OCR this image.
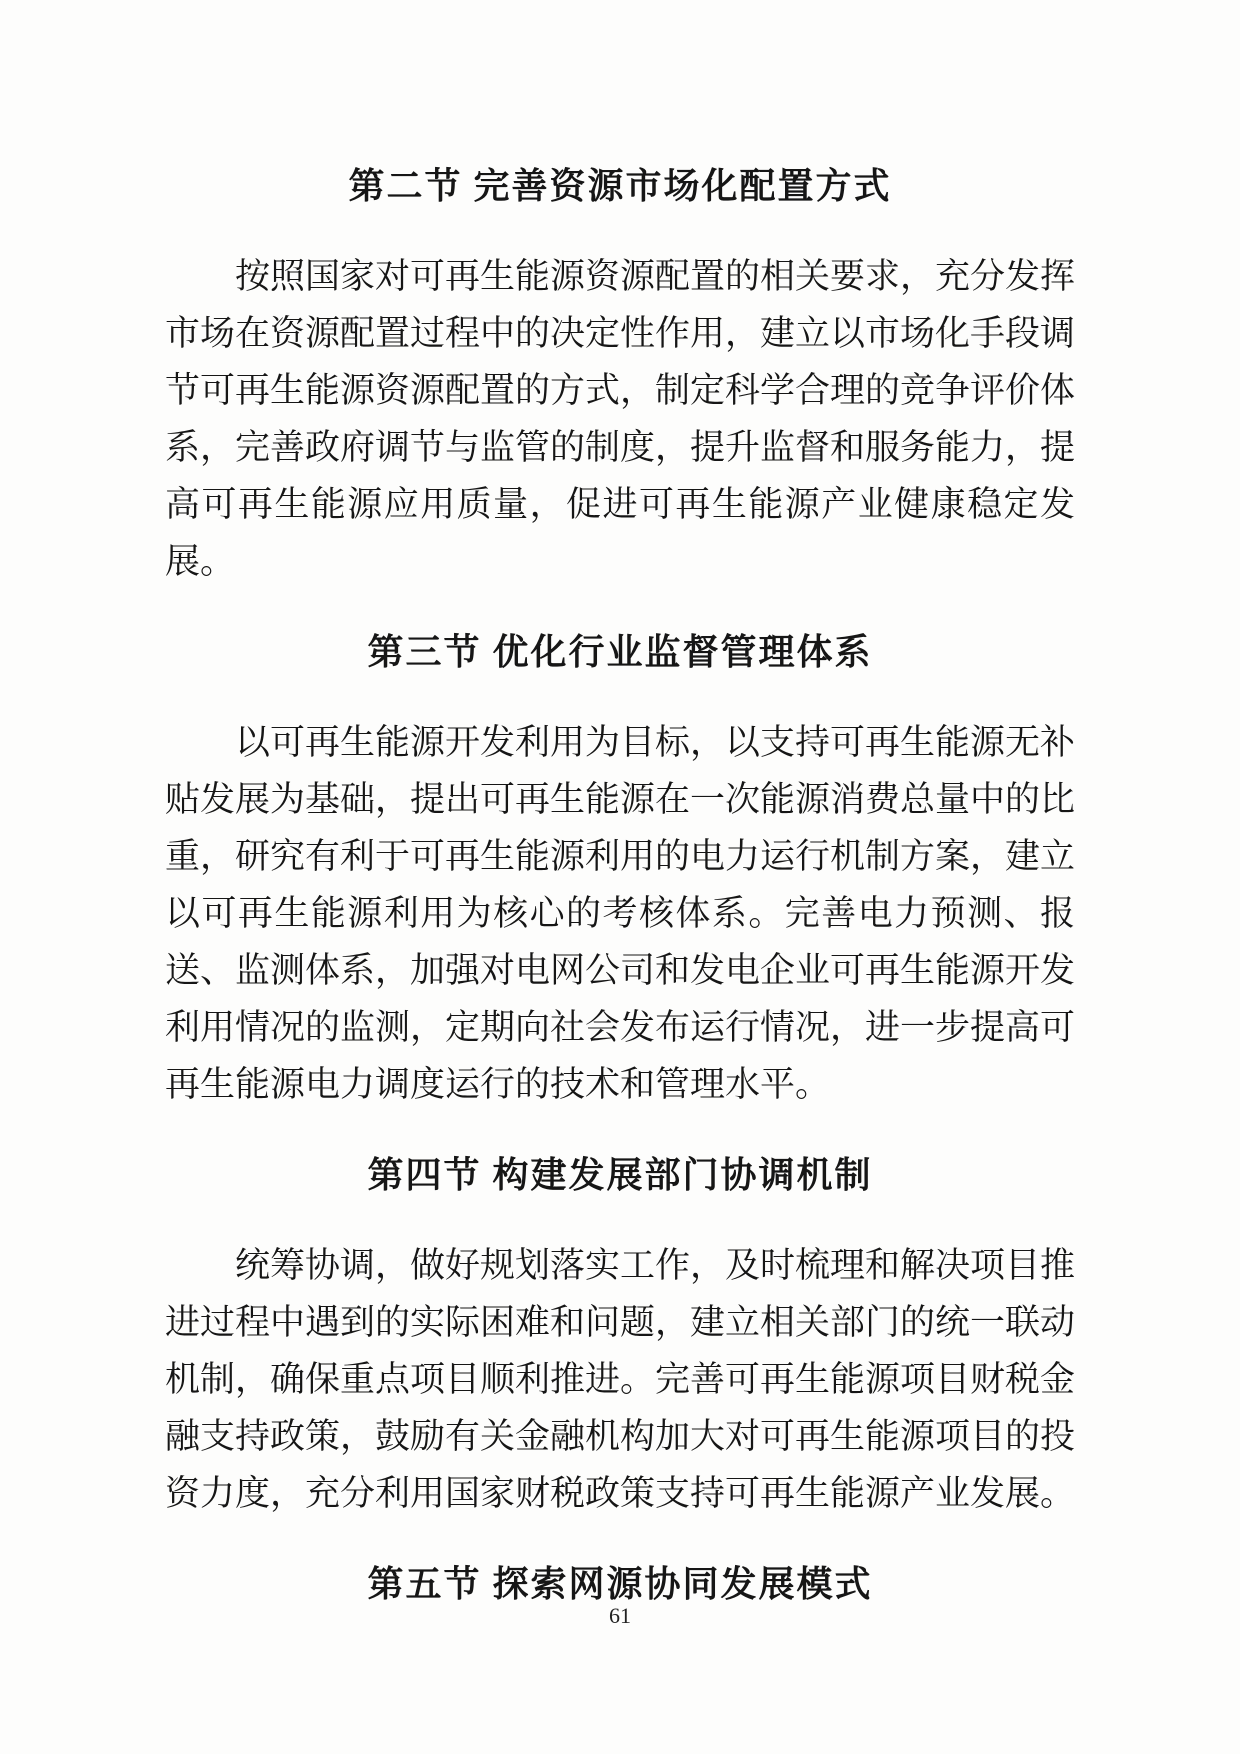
第二节 完善资源市场化配置方式

按照国家对可再生能源资源配置的相关要求，充分发挥市场在资源配置过程中的决定性作用，建立以市场化手段调节可再生能源资源配置的方式，制定科学合理的竞争评价体系，完善政府调节与监管的制度，提升监督和服务能力，提高可再生能源应用质量，促进可再生能源产业健康稳定发展。

第三节 优化行业监督管理体系

以可再生能源开发利用为目标，以支持可再生能源无补贴发展为基础，提出可再生能源在一次能源消费总量中的比重，研究有利于可再生能源利用的电力运行机制方案，建立以可再生能源利用为核心的考核体系。完善电力预测、报送、监测体系，加强对电网公司和发电企业可再生能源开发利用情况的监测，定期向社会发布运行情况，进一步提高可再生能源电力调度运行的技术和管理水平。

第四节 构建发展部门协调机制

统筹协调，做好规划落实工作，及时梳理和解决项目推进过程中遇到的实际困难和问题，建立相关部门的统一联动机制，确保重点项目顺利推进。完善可再生能源项目财税金融支持政策，鼓励有关金融机构加大对可再生能源项目的投资力度，充分利用国家财税政策支持可再生能源产业发展。

第五节 探索网源协同发展模式
61
